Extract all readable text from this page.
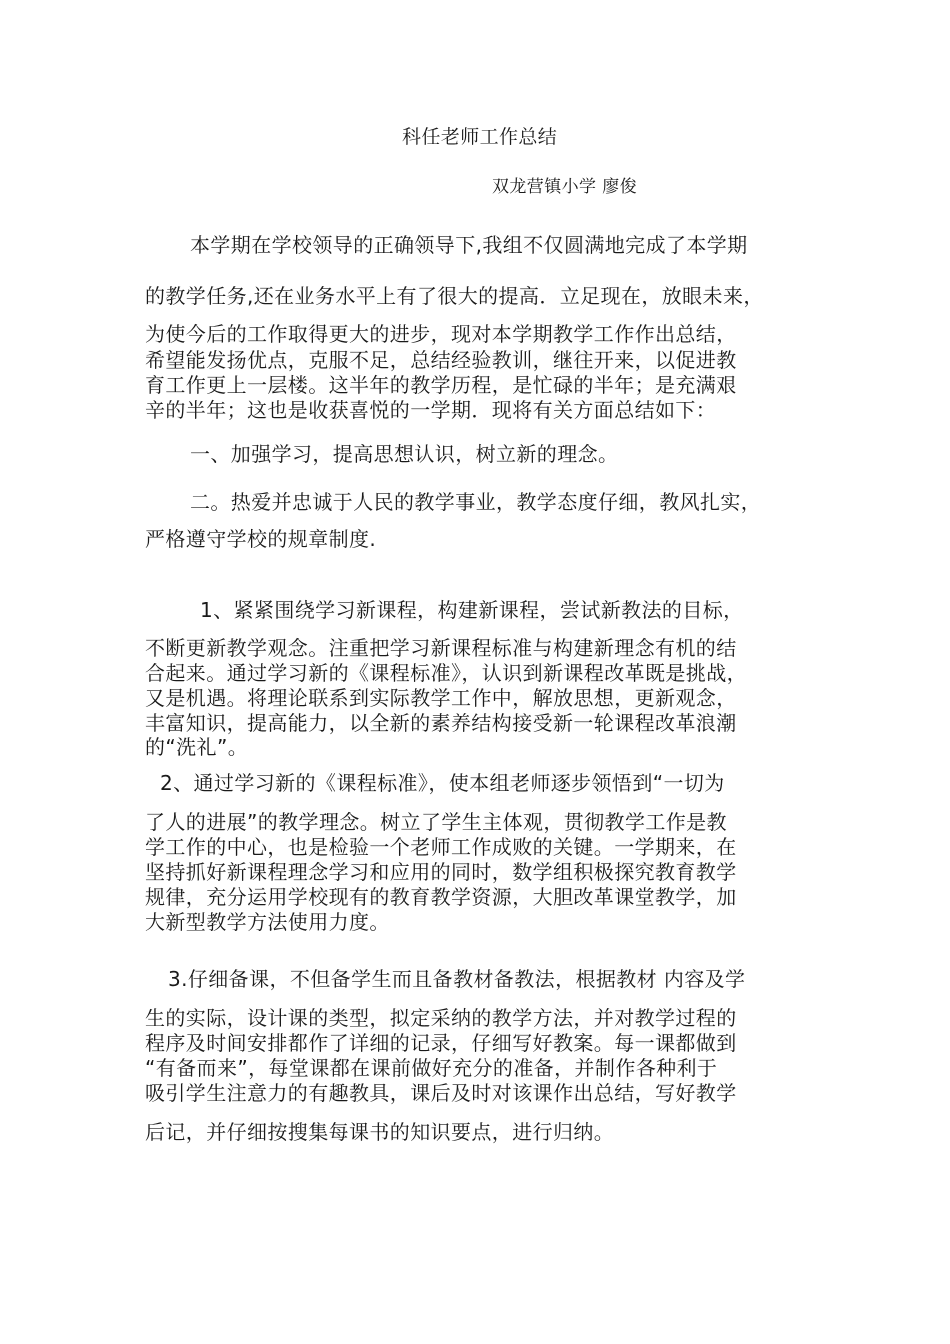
科任老师工作总结
双龙营镇小学 廖俊
本学期在学校领导的正确领导下,我组不仅圆满地完成了本学期
的教学任务,还在业务水平上有了很大的提高．立足现在，放眼未来，
为使今后的工作取得更大的进步，现对本学期教学工作作出总结，
希望能发扬优点，克服不足，总结经验教训，继往开来，以促进教
育工作更上一层楼。这半年的教学历程，是忙碌的半年；是充满艰
辛的半年；这也是收获喜悦的一学期．现将有关方面总结如下：
一、加强学习，提高思想认识，树立新的理念。
二。热爱并忠诚于人民的教学事业，教学态度仔细，教风扎实，
严格遵守学校的规章制度.
1、紧紧围绕学习新课程，构建新课程，尝试新教法的目标，
不断更新教学观念。注重把学习新课程标准与构建新理念有机的结
合起来。通过学习新的《课程标准》，认识到新课程改革既是挑战，
又是机遇。将理论联系到实际教学工作中，解放思想，更新观念，
丰富知识，提高能力，以全新的素养结构接受新一轮课程改革浪潮
的“洗礼”。
2、通过学习新的《课程标准》，使本组老师逐步领悟到“一切为
了人的进展”的教学理念。树立了学生主体观，贯彻教学工作是教
学工作的中心，也是检验一个老师工作成败的关键。一学期来，在
坚持抓好新课程理念学习和应用的同时，数学组积极探究教育教学
规律，充分运用学校现有的教育教学资源，大胆改革课堂教学，加
大新型教学方法使用力度。
3.仔细备课，不但备学生而且备教材备教法，根据教材 内容及学
生的实际，设计课的类型，拟定采纳的教学方法，并对教学过程的
程序及时间安排都作了详细的记录，仔细写好教案。每一课都做到
“有备而来”，每堂课都在课前做好充分的准备，并制作各种利于
吸引学生注意力的有趣教具，课后及时对该课作出总结，写好教学
后记，并仔细按搜集每课书的知识要点，进行归纳。
